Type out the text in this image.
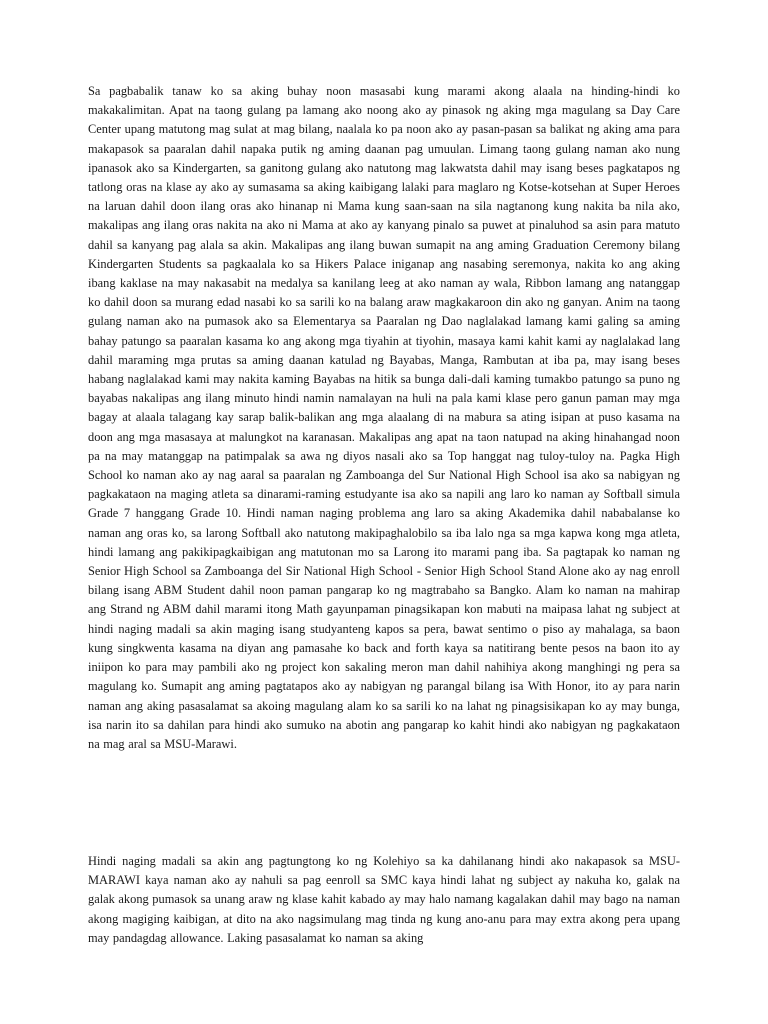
Sa pagbabalik tanaw ko sa aking buhay noon masasabi kung marami akong alaala na hinding-hindi ko makakalimitan. Apat na taong gulang pa lamang ako noong ako ay pinasok ng aking mga magulang sa Day Care Center upang matutong mag sulat at mag bilang, naalala ko pa noon ako ay pasan-pasan sa balikat ng aking ama para makapasok sa paaralan dahil napaka putik ng aming daanan pag umuulan. Limang taong gulang naman ako nung ipanasok ako sa Kindergarten, sa ganitong gulang ako natutong mag lakwatsta dahil may isang beses pagkatapos ng tatlong oras na klase ay ako ay sumasama sa aking kaibigang lalaki para maglaro ng Kotse-kotsehan at Super Heroes na laruan dahil doon ilang oras ako hinanap ni Mama kung saan-saan na sila nagtanong kung nakita ba nila ako, makalipas ang ilang oras nakita na ako ni Mama at ako ay kanyang pinalo sa puwet at pinaluhod sa asin para matuto dahil sa kanyang pag alala sa akin. Makalipas ang ilang buwan sumapit na ang aming Graduation Ceremony bilang Kindergarten Students sa pagkaalala ko sa Hikers Palace iniganap ang nasabing seremonya, nakita ko ang aking ibang kaklase na may nakasabit na medalya sa kanilang leeg at ako naman ay wala, Ribbon lamang ang natanggap ko dahil doon sa murang edad nasabi ko sa sarili ko na balang araw magkakaroon din ako ng ganyan. Anim na taong gulang naman ako na pumasok ako sa Elementarya sa Paaralan ng Dao naglalakad lamang kami galing sa aming bahay patungo sa paaralan kasama ko ang akong mga tiyahin at tiyohin, masaya kami kahit kami ay naglalakad lang dahil maraming mga prutas sa aming daanan katulad ng Bayabas, Manga, Rambutan at iba pa, may isang beses habang naglalakad kami may nakita kaming Bayabas na hitik sa bunga dali-dali kaming tumakbo patungo sa puno ng bayabas nakalipas ang ilang minuto hindi namin namalayan na huli na pala kami klase pero ganun paman may mga bagay at alaala talagang kay sarap balik-balikan ang mga alaalang di na mabura sa ating isipan at puso kasama na doon ang mga masasaya at malungkot na karanasan. Makalipas ang apat na taon natupad na aking hinahangad noon pa na may matanggap na patimpalak sa awa ng diyos nasali ako sa Top hanggat nag tuloy-tuloy na. Pagka High School ko naman ako ay nag aaral sa paaralan ng Zamboanga del Sur National High School isa ako sa nabigyan ng pagkakataon na maging atleta sa dinarami-raming estudyante isa ako sa napili ang laro ko naman ay Softball simula Grade 7 hanggang Grade 10. Hindi naman naging problema ang laro sa aking Akademika dahil nababalanse ko naman ang oras ko, sa larong Softball ako natutong makipaghalobilo sa iba lalo nga sa mga kapwa kong mga atleta, hindi lamang ang pakikipagkaibigan ang matutonan mo sa Larong ito marami pang iba. Sa pagtapak ko naman ng Senior High School sa Zamboanga del Sir National High School - Senior High School Stand Alone ako ay nag enroll bilang isang ABM Student dahil noon paman pangarap ko ng magtrabaho sa Bangko. Alam ko naman na mahirap ang Strand ng ABM dahil marami itong Math gayunpaman pinagsikapan kon mabuti na maipasa lahat ng subject at hindi naging madali sa akin maging isang studyanteng kapos sa pera, bawat sentimo o piso ay mahalaga, sa baon kung singkwenta kasama na diyan ang pamasahe ko back and forth kaya sa natitirang bente pesos na baon ito ay iniipon ko para may pambili ako ng project kon sakaling meron man dahil nahihiya akong manghingi ng pera sa magulang ko. Sumapit ang aming pagtatapos ako ay nabigyan ng parangal bilang isa With Honor, ito ay para narin naman ang aking pasasalamat sa akoing magulang alam ko sa sarili ko na lahat ng pinagsisikapan ko ay may bunga, isa narin ito sa dahilan para hindi ako sumuko na abotin ang pangarap ko kahit hindi ako nabigyan ng pagkakataon na mag aral sa MSU-Marawi.

Hindi naging madali sa akin ang pagtungtong ko ng Kolehiyo sa ka dahilanang hindi ako nakapasok sa MSU-MARAWI kaya naman ako ay nahuli sa pag eenroll sa SMC kaya hindi lahat ng subject ay nakuha ko, galak na galak akong pumasok sa unang araw ng klase kahit kabado ay may halo namang kagalakan dahil may bago na naman akong magiging kaibigan, at dito na ako nagsimulang mag tinda ng kung ano-anu para may extra akong pera upang may pandagdag allowance. Laking pasasalamat ko naman sa aking
